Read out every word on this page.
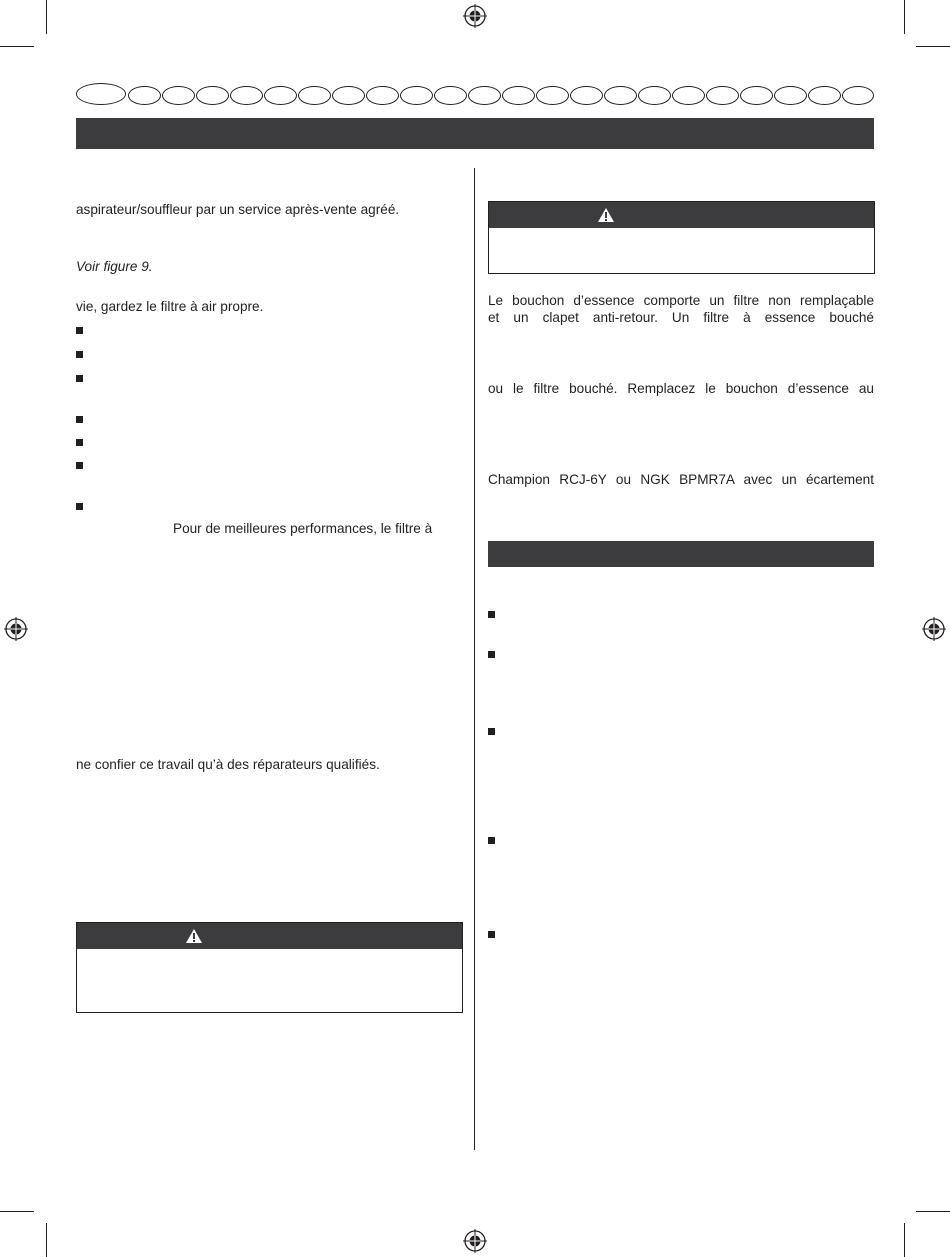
aspirateur/souffleur par un service après-vente agréé.
Voir figure 9.
vie, gardez le filtre à air propre.
Pour de meilleures performances, le filtre à
ne confier ce travail qu’à des réparateurs qualifiés.
Le bouchon d’essence comporte un filtre non remplaçable
et un clapet anti-retour. Un filtre à essence bouché
ou le filtre bouché. Remplacez le bouchon d’essence au
Champion RCJ-6Y ou NGK BPMR7A avec un écartement
